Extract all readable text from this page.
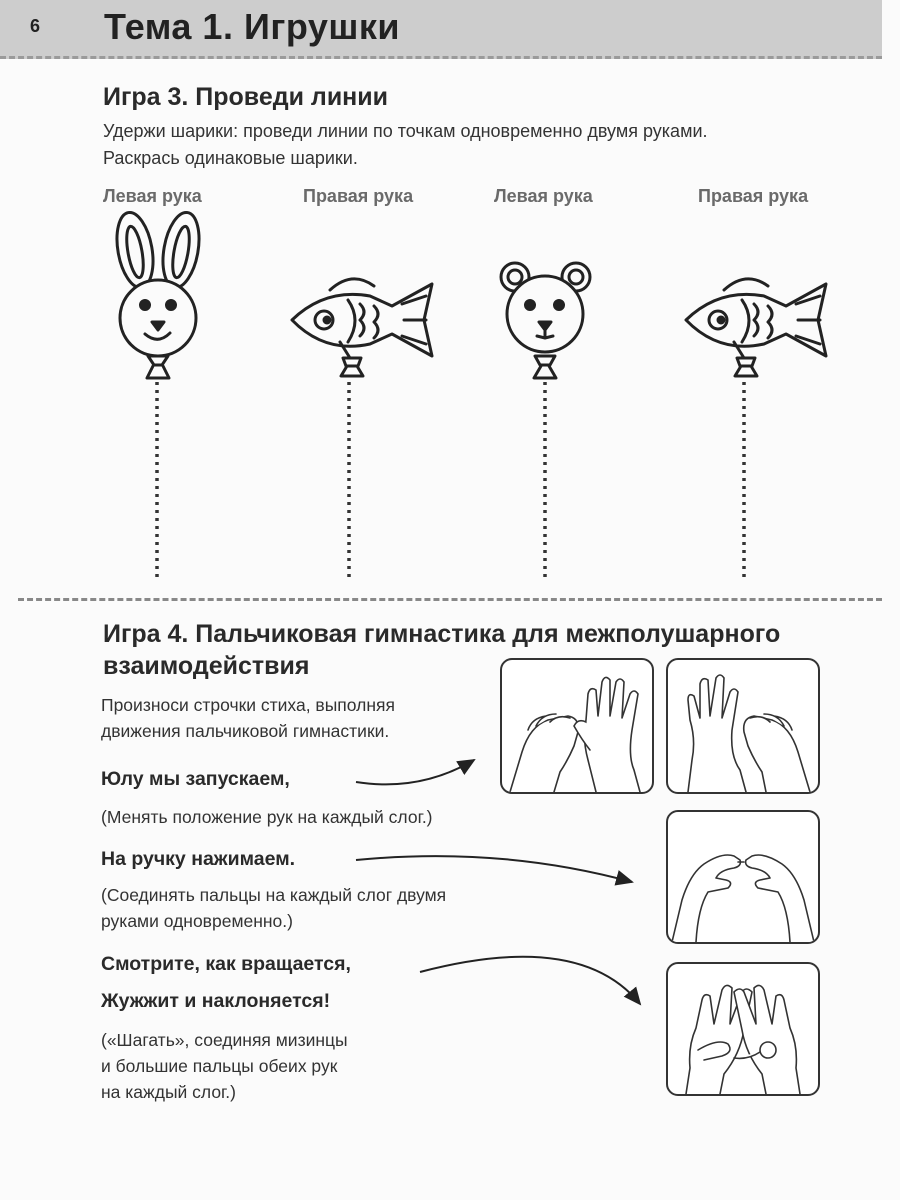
6 Тема 1. Игрушки
Игра 3. Проведи линии
Удержи шарики: проведи линии по точкам одновременно двумя руками.
Раскрась одинаковые шарики.
Левая рука	Правая рука	Левая рука	Правая рука
Игра 4. Пальчиковая гимнастика для межполушарного
взаимодействия
Произноси строчки стиха, выполняя
движения пальчиковой гимнастики.
Юлу мы запускаем,
(Менять положение рук на каждый слог.)
На ручку нажимаем.
(Соединять пальцы на каждый слог двумя
руками одновременно.)
Смотрите, как вращается,
Жужжит и наклоняется!
(«Шагать», соединяя мизинцы
и большие пальцы обеих рук
на каждый слог.)
